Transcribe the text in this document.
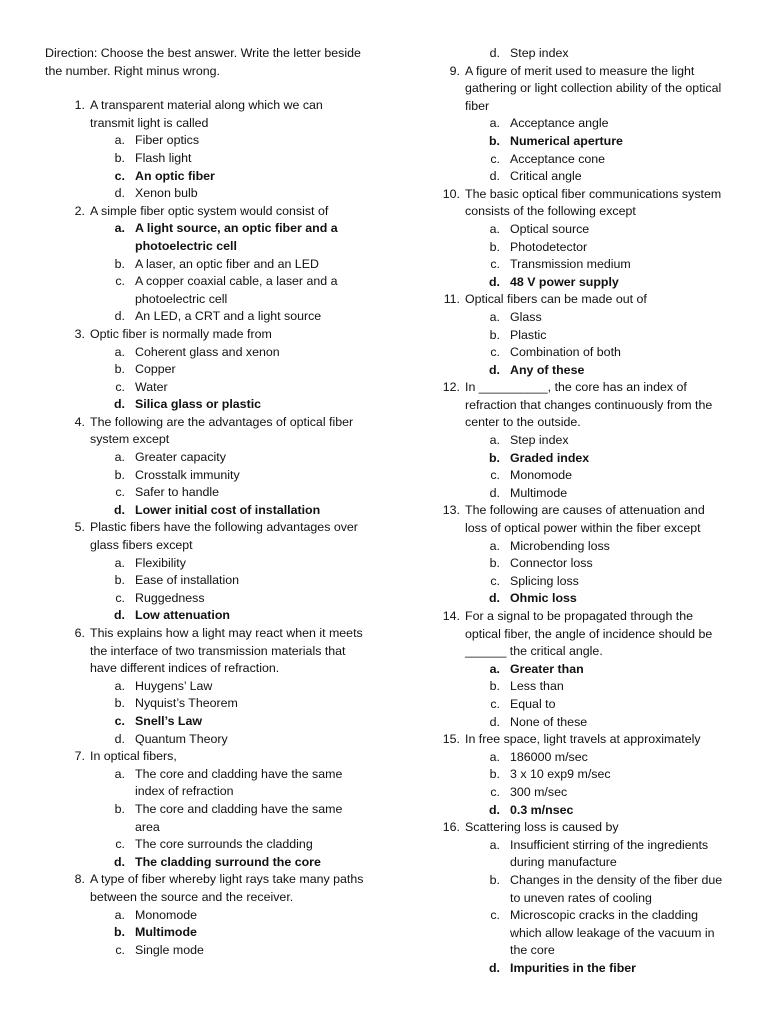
Direction: Choose the best answer. Write the letter beside the number. Right minus wrong.
1. A transparent material along which we can transmit light is called
a. Fiber optics
b. Flash light
c. An optic fiber
d. Xenon bulb
2. A simple fiber optic system would consist of
a. A light source, an optic fiber and a photoelectric cell
b. A laser, an optic fiber and an LED
c. A copper coaxial cable, a laser and a photoelectric cell
d. An LED, a CRT and a light source
3. Optic fiber is normally made from
a. Coherent glass and xenon
b. Copper
c. Water
d. Silica glass or plastic
4. The following are the advantages of optical fiber system except
a. Greater capacity
b. Crosstalk immunity
c. Safer to handle
d. Lower initial cost of installation
5. Plastic fibers have the following advantages over glass fibers except
a. Flexibility
b. Ease of installation
c. Ruggedness
d. Low attenuation
6. This explains how a light may react when it meets the interface of two transmission materials that have different indices of refraction.
a. Huygens’ Law
b. Nyquist’s Theorem
c. Snell’s Law
d. Quantum Theory
7. In optical fibers,
a. The core and cladding have the same index of refraction
b. The core and cladding have the same area
c. The core surrounds the cladding
d. The cladding surround the core
8. A type of fiber whereby light rays take many paths between the source and the receiver.
a. Monomode
b. Multimode
c. Single mode
d. Step index
9. A figure of merit used to measure the light gathering or light collection ability of the optical fiber
a. Acceptance angle
b. Numerical aperture
c. Acceptance cone
d. Critical angle
10. The basic optical fiber communications system consists of the following except
a. Optical source
b. Photodetector
c. Transmission medium
d. 48 V power supply
11. Optical fibers can be made out of
a. Glass
b. Plastic
c. Combination of both
d. Any of these
12. In __________, the core has an index of refraction that changes continuously from the center to the outside.
a. Step index
b. Graded index
c. Monomode
d. Multimode
13. The following are causes of attenuation and loss of optical power within the fiber except
a. Microbending loss
b. Connector loss
c. Splicing loss
d. Ohmic loss
14. For a signal to be propagated through the optical fiber, the angle of incidence should be ______ the critical angle.
a. Greater than
b. Less than
c. Equal to
d. None of these
15. In free space, light travels at approximately
a. 186000 m/sec
b. 3 x 10 exp9 m/sec
c. 300 m/sec
d. 0.3 m/nsec
16. Scattering loss is caused by
a. Insufficient stirring of the ingredients during manufacture
b. Changes in the density of the fiber due to uneven rates of cooling
c. Microscopic cracks in the cladding which allow leakage of the vacuum in the core
d. Impurities in the fiber
